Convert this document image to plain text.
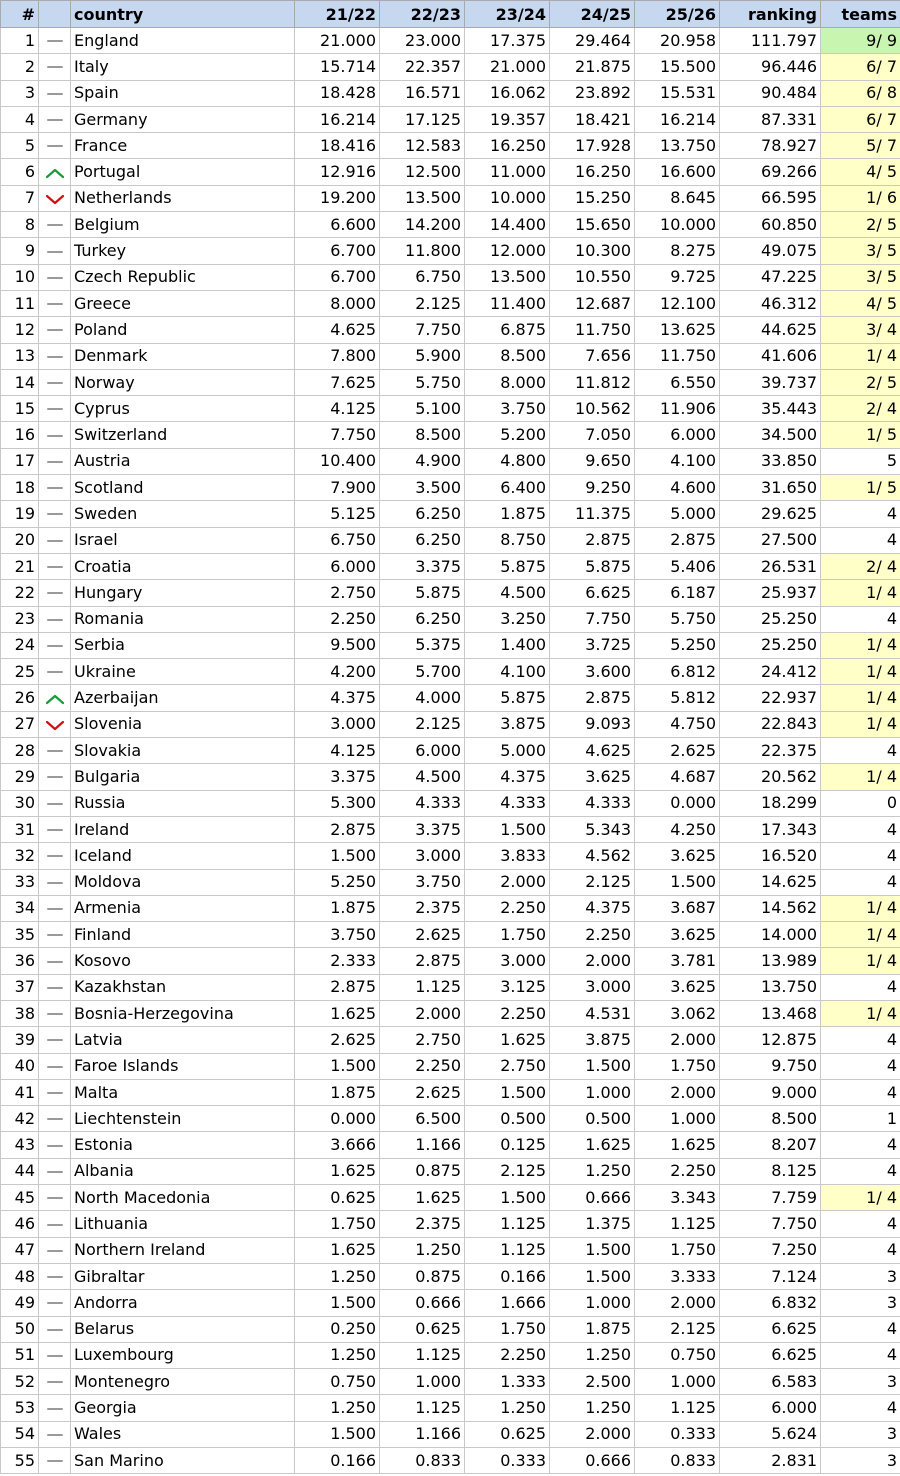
#		country	21/22	22/23	23/24	24/25	25/26	ranking	teams
1		England	21.000	23.000	17.375	29.464	20.958	111.797	9/ 9
2		Italy	15.714	22.357	21.000	21.875	15.500	96.446	6/ 7
3		Spain	18.428	16.571	16.062	23.892	15.531	90.484	6/ 8
4		Germany	16.214	17.125	19.357	18.421	16.214	87.331	6/ 7
5		France	18.416	12.583	16.250	17.928	13.750	78.927	5/ 7
6		Portugal	12.916	12.500	11.000	16.250	16.600	69.266	4/ 5
7		Netherlands	19.200	13.500	10.000	15.250	8.645	66.595	1/ 6
8		Belgium	6.600	14.200	14.400	15.650	10.000	60.850	2/ 5
9		Turkey	6.700	11.800	12.000	10.300	8.275	49.075	3/ 5
10		Czech Republic	6.700	6.750	13.500	10.550	9.725	47.225	3/ 5
11		Greece	8.000	2.125	11.400	12.687	12.100	46.312	4/ 5
12		Poland	4.625	7.750	6.875	11.750	13.625	44.625	3/ 4
13		Denmark	7.800	5.900	8.500	7.656	11.750	41.606	1/ 4
14		Norway	7.625	5.750	8.000	11.812	6.550	39.737	2/ 5
15		Cyprus	4.125	5.100	3.750	10.562	11.906	35.443	2/ 4
16		Switzerland	7.750	8.500	5.200	7.050	6.000	34.500	1/ 5
17		Austria	10.400	4.900	4.800	9.650	4.100	33.850	5
18		Scotland	7.900	3.500	6.400	9.250	4.600	31.650	1/ 5
19		Sweden	5.125	6.250	1.875	11.375	5.000	29.625	4
20		Israel	6.750	6.250	8.750	2.875	2.875	27.500	4
21		Croatia	6.000	3.375	5.875	5.875	5.406	26.531	2/ 4
22		Hungary	2.750	5.875	4.500	6.625	6.187	25.937	1/ 4
23		Romania	2.250	6.250	3.250	7.750	5.750	25.250	4
24		Serbia	9.500	5.375	1.400	3.725	5.250	25.250	1/ 4
25		Ukraine	4.200	5.700	4.100	3.600	6.812	24.412	1/ 4
26		Azerbaijan	4.375	4.000	5.875	2.875	5.812	22.937	1/ 4
27		Slovenia	3.000	2.125	3.875	9.093	4.750	22.843	1/ 4
28		Slovakia	4.125	6.000	5.000	4.625	2.625	22.375	4
29		Bulgaria	3.375	4.500	4.375	3.625	4.687	20.562	1/ 4
30		Russia	5.300	4.333	4.333	4.333	0.000	18.299	0
31		Ireland	2.875	3.375	1.500	5.343	4.250	17.343	4
32		Iceland	1.500	3.000	3.833	4.562	3.625	16.520	4
33		Moldova	5.250	3.750	2.000	2.125	1.500	14.625	4
34		Armenia	1.875	2.375	2.250	4.375	3.687	14.562	1/ 4
35		Finland	3.750	2.625	1.750	2.250	3.625	14.000	1/ 4
36		Kosovo	2.333	2.875	3.000	2.000	3.781	13.989	1/ 4
37		Kazakhstan	2.875	1.125	3.125	3.000	3.625	13.750	4
38		Bosnia-Herzegovina	1.625	2.000	2.250	4.531	3.062	13.468	1/ 4
39		Latvia	2.625	2.750	1.625	3.875	2.000	12.875	4
40		Faroe Islands	1.500	2.250	2.750	1.500	1.750	9.750	4
41		Malta	1.875	2.625	1.500	1.000	2.000	9.000	4
42		Liechtenstein	0.000	6.500	0.500	0.500	1.000	8.500	1
43		Estonia	3.666	1.166	0.125	1.625	1.625	8.207	4
44		Albania	1.625	0.875	2.125	1.250	2.250	8.125	4
45		North Macedonia	0.625	1.625	1.500	0.666	3.343	7.759	1/ 4
46		Lithuania	1.750	2.375	1.125	1.375	1.125	7.750	4
47		Northern Ireland	1.625	1.250	1.125	1.500	1.750	7.250	4
48		Gibraltar	1.250	0.875	0.166	1.500	3.333	7.124	3
49		Andorra	1.500	0.666	1.666	1.000	2.000	6.832	3
50		Belarus	0.250	0.625	1.750	1.875	2.125	6.625	4
51		Luxembourg	1.250	1.125	2.250	1.250	0.750	6.625	4
52		Montenegro	0.750	1.000	1.333	2.500	1.000	6.583	3
53		Georgia	1.250	1.125	1.250	1.250	1.125	6.000	4
54		Wales	1.500	1.166	0.625	2.000	0.333	5.624	3
55		San Marino	0.166	0.833	0.333	0.666	0.833	2.831	3
